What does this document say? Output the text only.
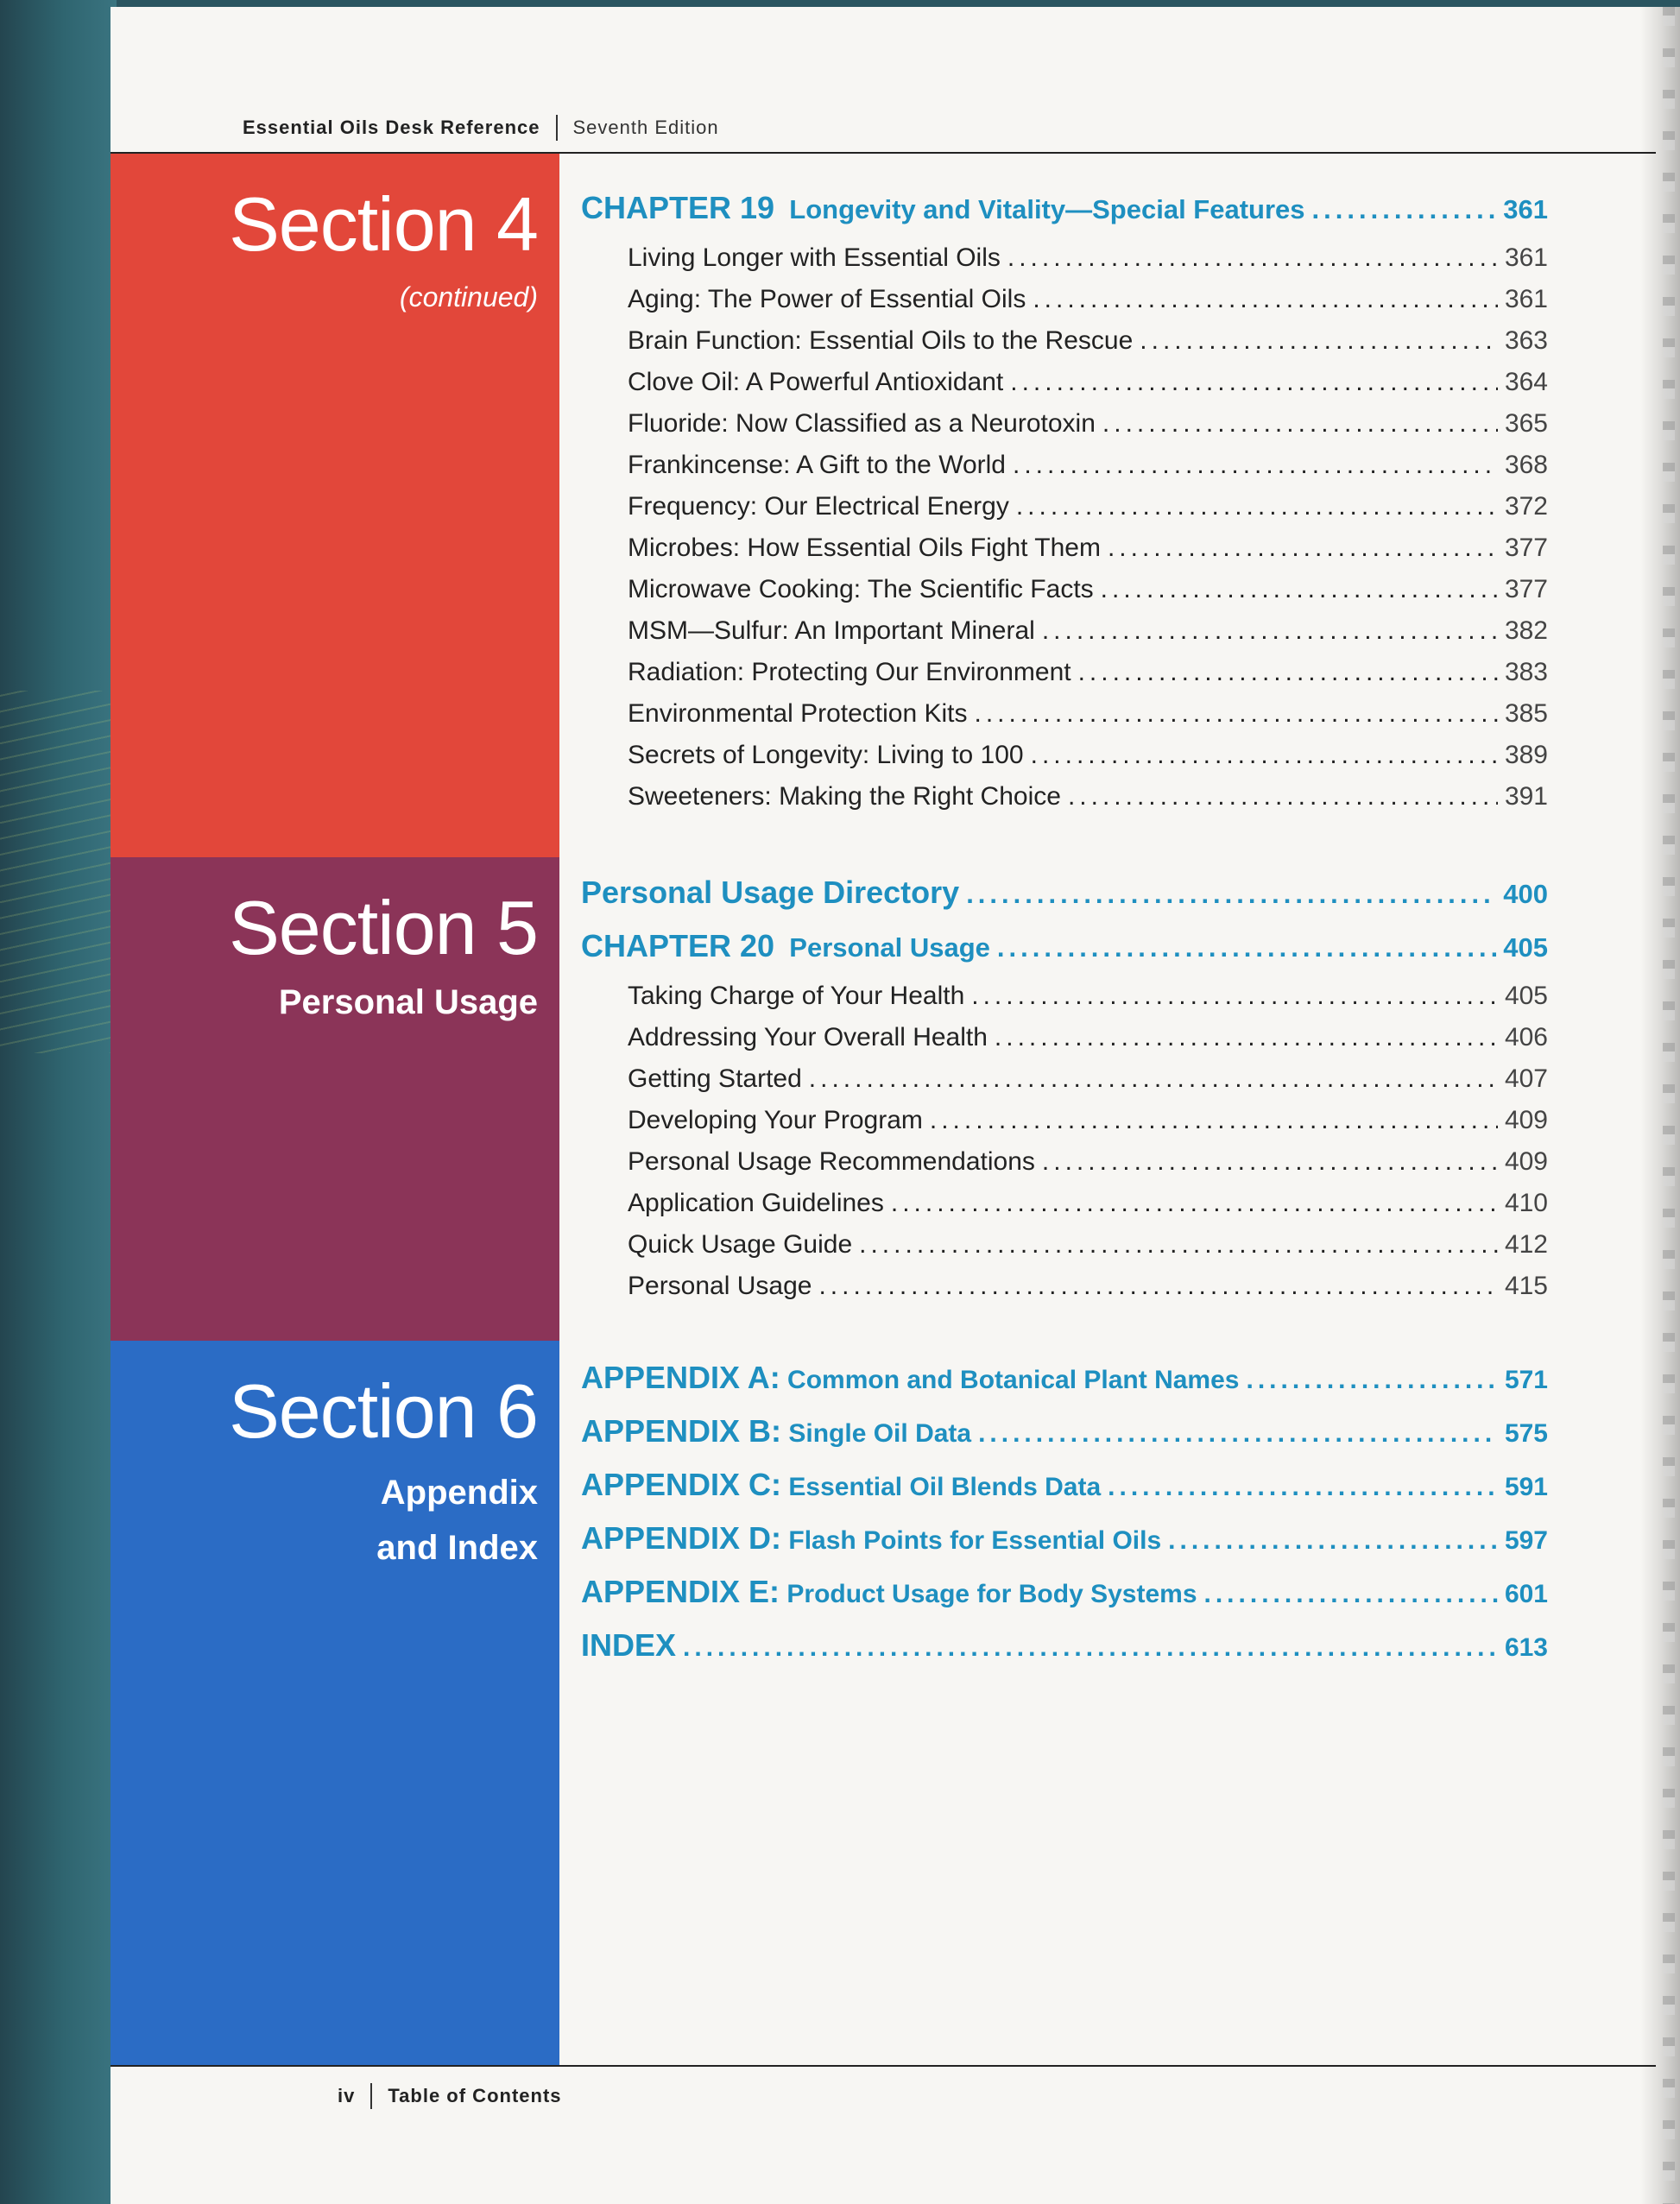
Essential Oils Desk Reference Seventh Edition
Section 4
(continued)
CHAPTER 19 Longevity and Vitality—Special Features .....	361
Living Longer with Essential Oils .....	361
Aging: The Power of Essential Oils .....	361
Brain Function: Essential Oils to the Rescue .....	363
Clove Oil: A Powerful Antioxidant .....	364
Fluoride: Now Classified as a Neurotoxin .....	365
Frankincense: A Gift to the World .....	368
Frequency: Our Electrical Energy .....	372
Microbes: How Essential Oils Fight Them .....	377
Microwave Cooking: The Scientific Facts .....	377
MSM—Sulfur: An Important Mineral .....	382
Radiation: Protecting Our Environment .....	383
Environmental Protection Kits .....	385
Secrets of Longevity: Living to 100 .....	389
Sweeteners: Making the Right Choice .....	391
Section 5
Personal Usage
Personal Usage Directory .....	400
CHAPTER 20 Personal Usage .....	405
Taking Charge of Your Health .....	405
Addressing Your Overall Health .....	406
Getting Started .....	407
Developing Your Program .....	409
Personal Usage Recommendations .....	409
Application Guidelines .....	410
Quick Usage Guide .....	412
Personal Usage .....	415
Section 6
Appendix
and Index
APPENDIX A: Common and Botanical Plant Names .....	571
APPENDIX B: Single Oil Data .....	575
APPENDIX C: Essential Oil Blends Data .....	591
APPENDIX D: Flash Points for Essential Oils .....	597
APPENDIX E: Product Usage for Body Systems .....	601
INDEX .....	613
iv Table of Contents
